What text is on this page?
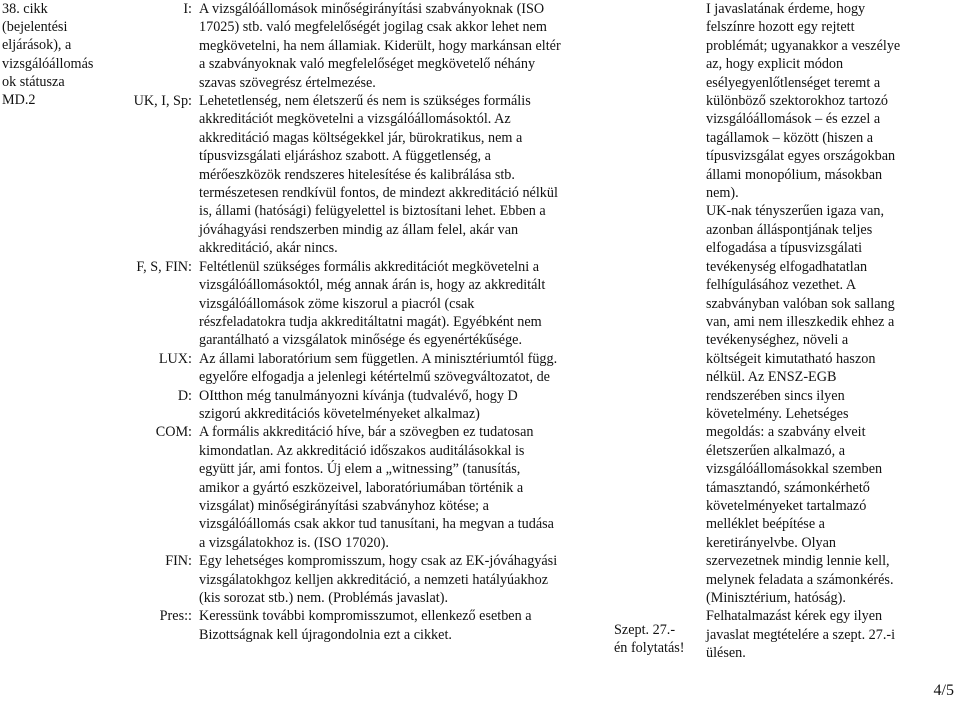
38. cikk
(bejelentési
eljárások), a
vizsgálóállomás
ok státusza
MD.2
I: A vizsgálóállomások minőségirányítási szabványoknak (ISO

17025) stb. való megfelelőségét jogilag csak akkor lehet nem

megkövetelni, ha nem államiak. Kiderült, hogy markánsan eltér

a szabványoknak való megfelelőséget megkövetelő néhány

szavas szövegrész értelmezése.

UK, I, Sp: Lehetetlenség, nem életszerű és nem is szükséges formális

akkreditációt megkövetelni a vizsgálóállomásoktól. Az

akkreditáció magas költségekkel jár, bürokratikus, nem a

típusvizsgálati eljáráshoz szabott. A függetlenség, a

mérőeszközök rendszeres hitelesítése és kalibrálása stb.

természetesen rendkívül fontos, de mindezt akkreditáció nélkül

is, állami (hatósági) felügyelettel is biztosítani lehet. Ebben a

jóváhagyási rendszerben mindig az állam felel, akár van

akkreditáció, akár nincs.

F, S, FIN: Feltétlenül szükséges formális akkreditációt megkövetelni a

vizsgálóállomásoktól, még annak árán is, hogy az akkreditált

vizsgálóállomások zöme kiszorul a piacról (csak

részfeladatokra tudja akkreditáltatni magát). Egyébként nem

garantálható a vizsgálatok minősége és egyenértékűsége.

LUX: Az állami laboratórium sem független. A minisztériumtól függ.

egyelőre elfogadja a jelenlegi kétértelmű szövegváltozatot, de

D: OItthon még tanulmányozni kívánja (tudvalévő, hogy D

szigorú akkreditációs követelményeket alkalmaz)

COM: A formális akkreditáció híve, bár a szövegben ez tudatosan

kimondatlan. Az akkreditáció időszakos auditálásokkal is

együtt jár, ami fontos. Új elem a „witnessing” (tanusítás,

amikor a gyártó eszközeivel, laboratóriumában történik a

vizsgálat) minőségirányítási szabványhoz kötése; a

vizsgálóállomás csak akkor tud tanusítani, ha megvan a tudása

a vizsgálatokhoz is. (ISO 17020).

FIN: Egy lehetséges kompromisszum, hogy csak az EK-jóváhagyási

vizsgálatokhgoz kelljen akkreditáció, a nemzeti hatályúakhoz

(kis sorozat stb.) nem. (Problémás javaslat).

Pres:: Keressünk további kompromisszumot, ellenkező esetben a

Bizottságnak kell újragondolnia ezt a cikket.	Szept. 27.-
én folytatás!

I javaslatának érdeme, hogy

felszínre hozott egy rejtett

problémát; ugyanakkor a veszélye

az, hogy explicit módon

esélyegyenlőtlenséget teremt a

különböző szektorokhoz tartozó

vizsgálóállomások – és ezzel a

tagállamok – között (hiszen a

típusvizsgálat egyes országokban

állami monopólium, másokban

nem).

UK-nak tényszerűen igaza van,

azonban álláspontjának teljes

elfogadása a típusvizsgálati

tevékenység elfogadhatatlan

felhígulásához vezethet. A

szabványban valóban sok sallang

van, ami nem illeszkedik ehhez a

tevékenységhez, növeli a

költségeit kimutatható haszon

nélkül. Az ENSZ-EGB

rendszerében sincs ilyen

követelmény. Lehetséges

megoldás: a szabvány elveit

életszerűen alkalmazó, a

vizsgálóállomásokkal szemben

támasztandó, számonkérhető

követelményeket tartalmazó

melléklet beépítése a

keretirányelvbe. Olyan

szervezetnek mindig lennie kell,

melynek feladata a számonkérés.

(Minisztérium, hatóság).

Felhatalmazást kérek egy ilyen

javaslat megtételére a szept. 27.-i

ülésen.

4/5
